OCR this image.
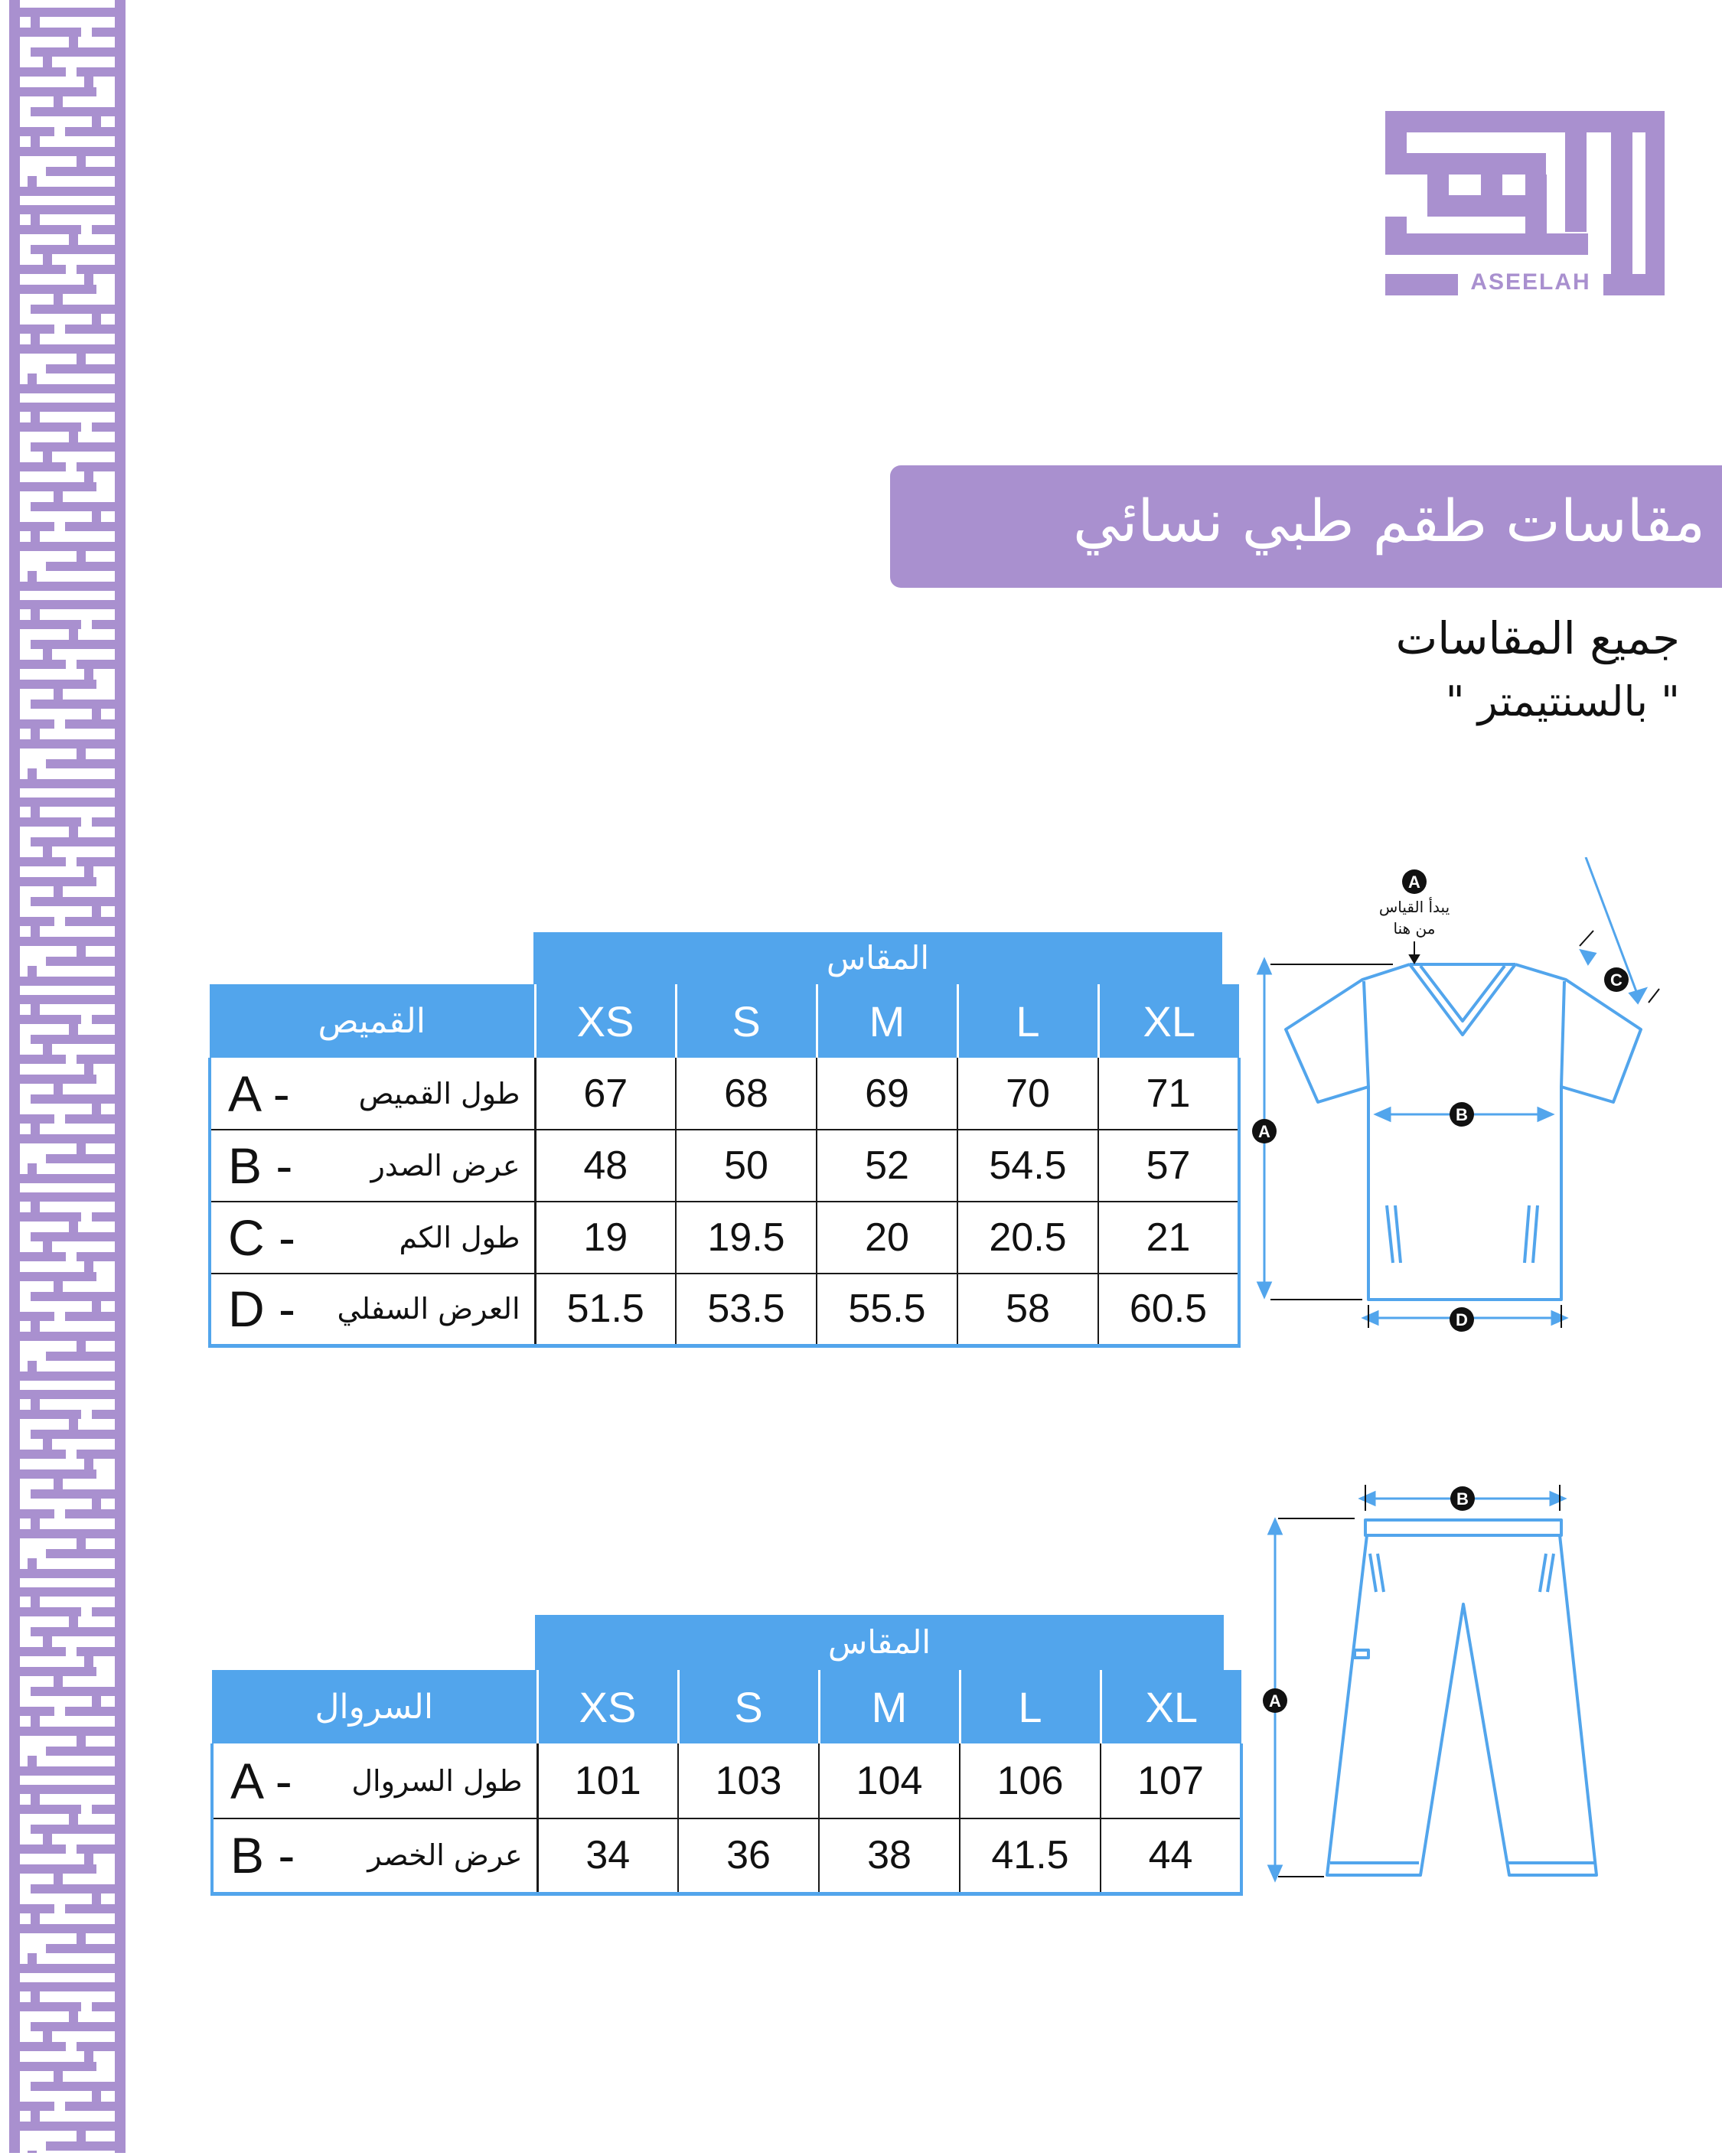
ASEELAH
مقاسات طقم طبي نسائي
جميع المقاسات
" بالسنتيمتر "
المقاس
القميص	XS	S	M	L	XL

A - طول القميص	67	68	69	70	71

B - عرض الصدر	48	50	52	54.5	57

C - طول الكم	19	19.5	20	20.5	21

D - العرض السفلي	51.5	53.5	55.5	58	60.5
المقاس
السروال	XS	S	M	L	XL

A - طول السروال	101	103	104	106	107

B - عرض الخصر	34	36	38	41.5	44
A
A
B
C
D
يبدأ القياس
من هنا
A
B
